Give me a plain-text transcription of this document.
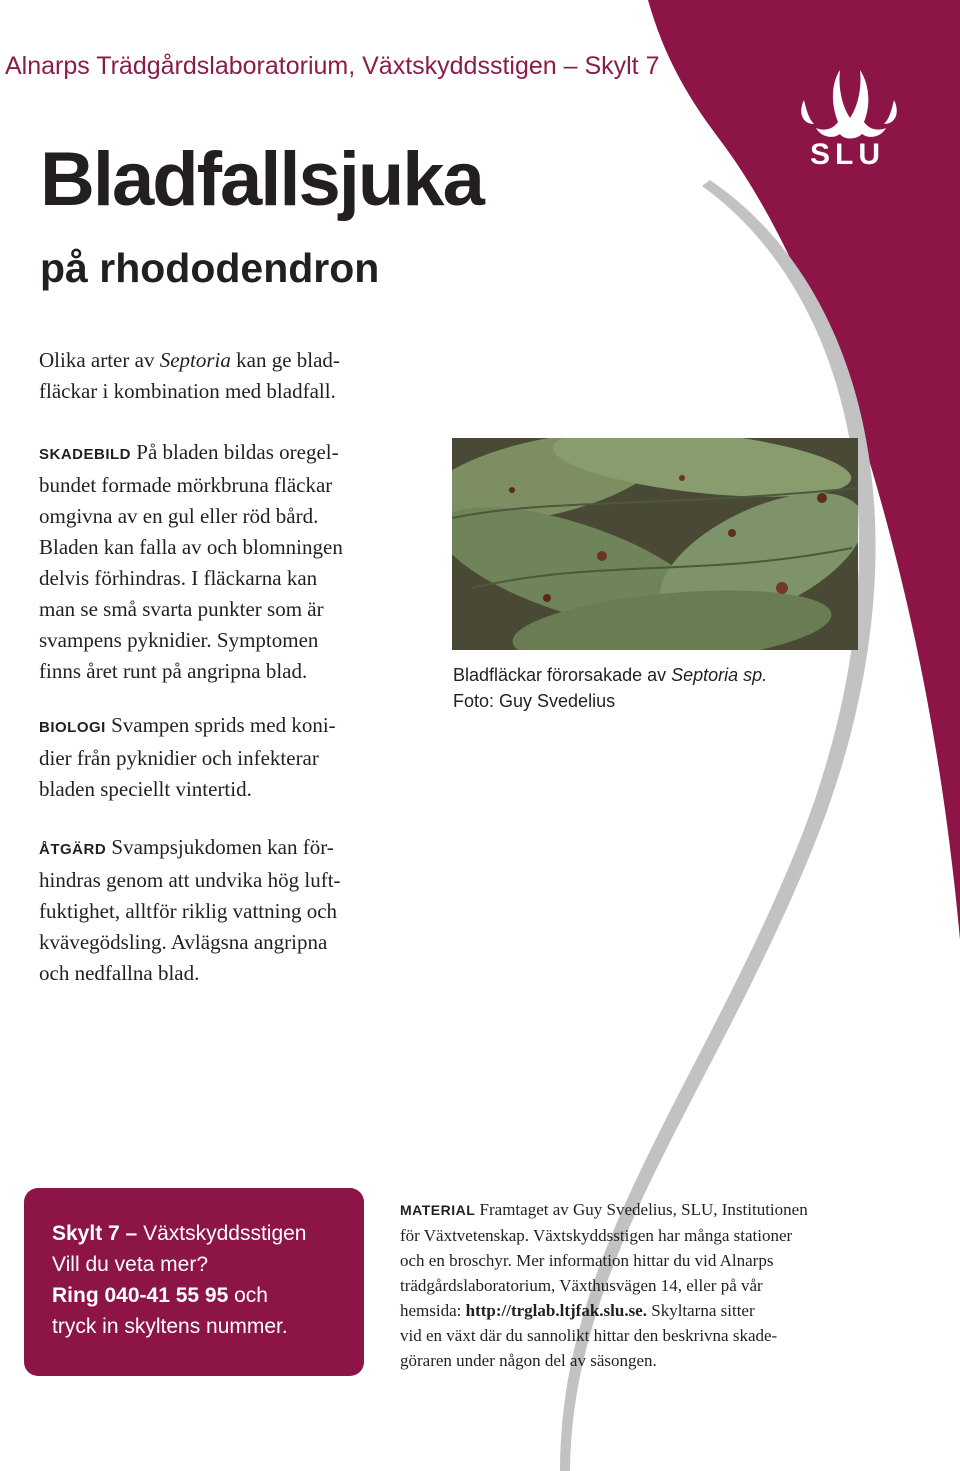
Alnarps Trädgårdslaboratorium, Växtskyddsstigen – Skylt 7
SLU
Bladfallsjuka
på rhododendron
Olika arter av Septoria kan ge blad-
fläckar i kombination med bladfall.
SKADEBILD På bladen bildas oregel-
bundet formade mörkbruna fläckar
omgivna av en gul eller röd bård.
Bladen kan falla av och blomningen
delvis förhindras. I fläckarna kan
man se små svarta punkter som är
svampens pyknidier. Symptomen
finns året runt på angripna blad.
BIOLOGI Svampen sprids med koni-
dier från pyknidier och infekterar
bladen speciellt vintertid.
ÅTGÄRD Svampsjukdomen kan för-
hindras genom att undvika hög luft-
fuktighet, alltför riklig vattning och
kvävegödsling. Avlägsna angripna
och nedfallna blad.
Bladfläckar förorsakade av Septoria sp.
Foto: Guy Svedelius
Skylt 7 – Växtskyddsstigen
Vill du veta mer?
Ring 040-41 55 95 och
tryck in skyltens nummer.
MATERIAL Framtaget av Guy Svedelius, SLU, Institutionen
för Växtvetenskap. Växtskyddsstigen har många stationer
och en broschyr. Mer information hittar du vid Alnarps
trädgårdslaboratorium, Växthusvägen 14, eller på vår
hemsida: http://trglab.ltjfak.slu.se. Skyltarna sitter
vid en växt där du sannolikt hittar den beskrivna skade-
göraren under någon del av säsongen.
